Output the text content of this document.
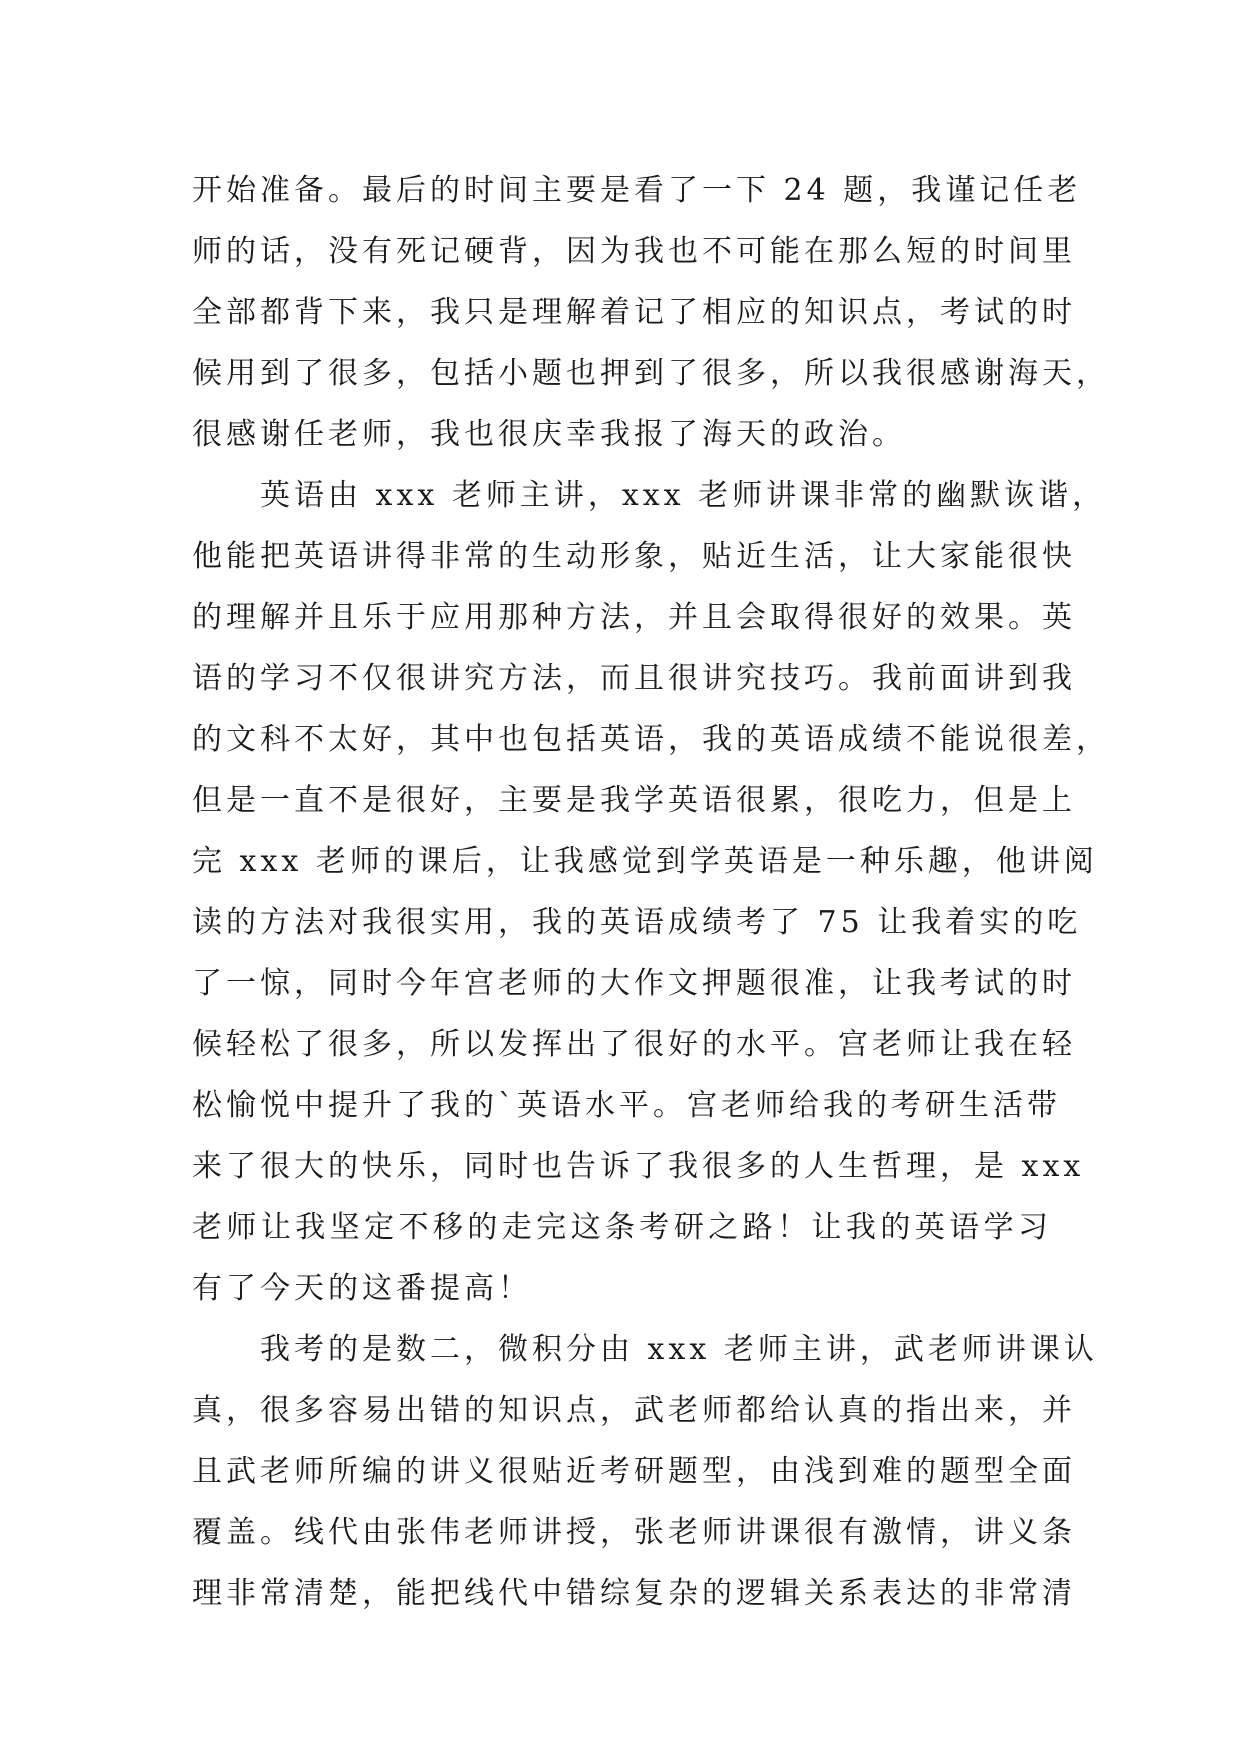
开始准备。最后的时间主要是看了一下 24 题，我谨记任老
师的话，没有死记硬背，因为我也不可能在那么短的时间里
全部都背下来，我只是理解着记了相应的知识点，考试的时
候用到了很多，包括小题也押到了很多，所以我很感谢海天，
很感谢任老师，我也很庆幸我报了海天的政治。
　　英语由 xxx 老师主讲，xxx 老师讲课非常的幽默诙谐，
他能把英语讲得非常的生动形象，贴近生活，让大家能很快
的理解并且乐于应用那种方法，并且会取得很好的效果。英
语的学习不仅很讲究方法，而且很讲究技巧。我前面讲到我
的文科不太好，其中也包括英语，我的英语成绩不能说很差，
但是一直不是很好，主要是我学英语很累，很吃力，但是上
完 xxx 老师的课后，让我感觉到学英语是一种乐趣，他讲阅
读的方法对我很实用，我的英语成绩考了 75 让我着实的吃
了一惊，同时今年宫老师的大作文押题很准，让我考试的时
候轻松了很多，所以发挥出了很好的水平。宫老师让我在轻
松愉悦中提升了我的`英语水平。宫老师给我的考研生活带
来了很大的快乐，同时也告诉了我很多的人生哲理，是 xxx
老师让我坚定不移的走完这条考研之路！让我的英语学习
有了今天的这番提高！
　　我考的是数二，微积分由 xxx 老师主讲，武老师讲课认
真，很多容易出错的知识点，武老师都给认真的指出来，并
且武老师所编的讲义很贴近考研题型，由浅到难的题型全面
覆盖。线代由张伟老师讲授，张老师讲课很有激情，讲义条
理非常清楚，能把线代中错综复杂的逻辑关系表达的非常清
